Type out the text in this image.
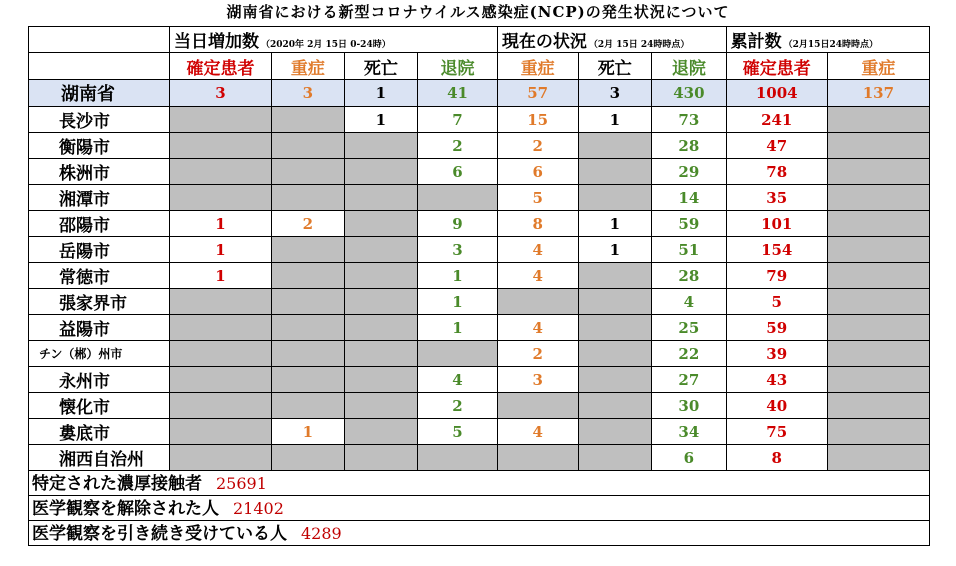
湖南省における新型コロナウイルス感染症(NCP)の発生状況について
	当日増加数 （2020年 2月 15日 0-24時）				現在の状況 （2月 15日 24時時点）			累計数 （2月15日24時時点）	
	確定患者	重症	死亡	退院	重症	死亡	退院	確定患者	重症
湖南省	3	3	1	41	57	3	430	1004	137
長沙市			1	7	15	1	73	241	
衡陽市				2	2		28	47	
株洲市				6	6		29	78	
湘潭市					5		14	35	
邵陽市	1	2		9	8	1	59	101	
岳陽市	1			3	4	1	51	154	
常徳市	1			1	4		28	79	
張家界市				1			4	5	
益陽市				1	4		25	59	
チン（郴）州市					2		22	39	
永州市				4	3		27	43	
懐化市				2			30	40	
婁底市		1		5	4		34	75	
湘西自治州							6	8	
特定された濃厚接触者 25691
医学観察を解除された人 21402
医学観察を引き続き受けている人 4289
